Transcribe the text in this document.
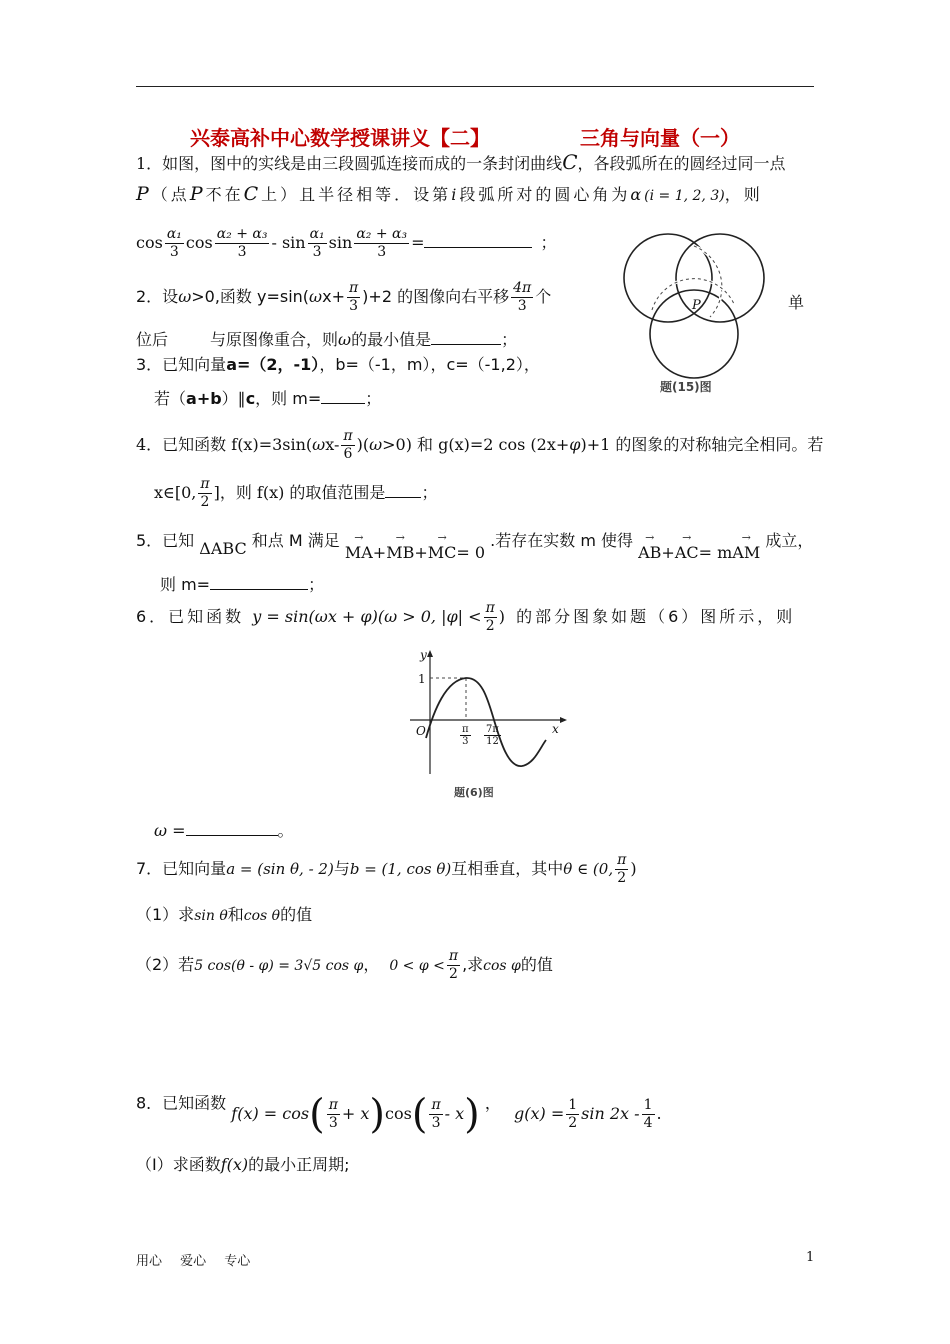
兴泰高补中心数学授课讲义【二】	三角与向量（一）
1．如图，图中的实线是由三段圆弧连接而成的一条封闭曲线C，各段弧所在的圆经过同一点
P（点P不在C上）且半径相等．设第i段弧所对的圆心角为α(i = 1, 2, 3)，则
$\cos \frac{\text{α₁}}{3}$ $\cos \frac{\text{α₂ + α₃}}{3}$ - $\sin \frac{\text{α₁}}{3}$ $\sin \frac{\text{α₂ + α₃}}{3}$ =	；
P
题(15)图
2．设ω>0,函数 $y=\sin(\omega x+ \frac{\pi}{3} )+2$ 的图像向右平移 $\frac{4\pi}{3}$ 个	单
位后	与原图像重合，则ω的最小值是	；
3．已知向量a=（2，-1），b=（-1，m），c=（-1,2），
若（a+b）∥c，则 m=	；
4．已知函数 $f(x)=3\sin(\omega x- \frac{\pi}{6} )(\omega>0)$ 和 g(x)=2 cos (2x+φ)+1 的图象的对称轴完全相同。若
x∈[0, $\frac{\pi}{2}$ ]，则 f(x) 的取值范围是 ；
5．已知 ΔABC 和点 M 满足 → MA+→ MB+→ MC= 0 .若存在实数 m 使得 → AB+→ AC= m→ AM 成立，
则 m=	；
6．已知函数 y = sin(ωx + φ)(ω > 0, $|\varphi| < \frac{\pi}{2}$ ) 的部分图象如题（6）图所示，则
y
x
O
1
$\frac{\pi}{3} \frac{7\pi}{12}$
题(6)图
ω =	。
7．已知向量a = (sin θ, - 2)与b = (1, cos θ)互相垂直，其中θ ∈ (0, $\frac{\pi}{2}$ )
（1）求sin θ和cos θ的值
（2）若5 cos(θ - φ) = 3√5 cos φ， $0 < \varphi < \frac{\pi}{2}$ ,求cos φ的值
8．已知函数 $f(x) = \cos( \frac{\pi}{3} + x)\cos( \frac{\pi}{3} - x)$ ， $g(x) = \frac{1}{2}$ $\sin 2x - \frac{1}{4}$ .
（Ⅰ）求函数f(x)的最小正周期;
用心 爱心 专心	1
